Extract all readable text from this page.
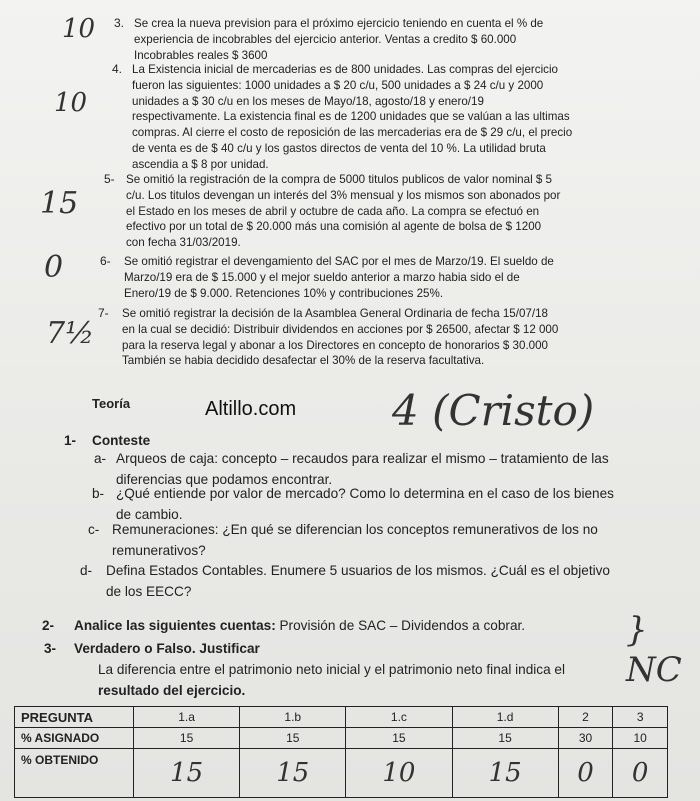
10 3. Se crea la nueva prevision para el próximo ejercicio teniendo en cuenta el % de
experiencia de incobrables del ejercicio anterior. Ventas a credito $ 60.000
Incobrables reales $ 3600
10
4. La Existencia inicial de mercaderias es de 800 unidades. Las compras del ejercicio
fueron las siguientes: 1000 unidades a $ 20 c/u, 500 unidades a $ 24 c/u y 2000
unidades a $ 30 c/u en los meses de Mayo/18, agosto/18 y enero/19
respectivamente. La existencia final es de 1200 unidades que se valúan a las ultimas
compras. Al cierre el costo de reposición de las mercaderias era de $ 29 c/u, el precio
de venta es de $ 40 c/u y los gastos directos de venta del 10 %. La utilidad bruta
ascendia a $ 8 por unidad.
15
5- Se omitió la registración de la compra de 5000 titulos publicos de valor nominal $ 5
c/u. Los titulos devengan un interés del 3% mensual y los mismos son abonados por
el Estado en los meses de abril y octubre de cada año. La compra se efectuó en
efectivo por un total de $ 20.000 más una comisión al agente de bolsa de $ 1200
con fecha 31/03/2019.
0	6- Se omitió registrar el devengamiento del SAC por el mes de Marzo/19. El sueldo de
Marzo/19 era de $ 15.000 y el mejor sueldo anterior a marzo habia sido el de
Enero/19 de $ 9.000. Retenciones 10% y contribuciones 25%.
7½
7- Se omitió registrar la decisión de la Asamblea General Ordinaria de fecha 15/07/18
en la cual se decidió: Distribuir dividendos en acciones por $ 26500, afectar $ 12 000
para la reserva legal y abonar a los Directores en concepto de honorarios $ 30.000
También se habia decidido desafectar el 30% de la reserva facultativa.
Teoría	Altillo.com 4 (Cristo)
1- Conteste
a- Arqueos de caja: concepto – recaudos para realizar el mismo – tratamiento de las
diferencias que podamos encontrar.
b- ¿Qué entiende por valor de mercado? Como lo determina en el caso de los bienes
de cambio.
c- Remuneraciones: ¿En qué se diferencian los conceptos remunerativos de los no
remunerativos?
d- Defina Estados Contables. Enumere 5 usuarios de los mismos. ¿Cuál es el objetivo
de los EECC?
2- Analice las siguientes cuentas: Provisión de SAC – Dividendos a cobrar.
3- Verdadero o Falso. Justificar
La diferencia entre el patrimonio neto inicial y el patrimonio neto final indica el
resultado del ejercicio.
} NC
PREGUNTA	1.a	1.b	1.c	1.d	2	3
% ASIGNADO	15	15	15	15	30	10
% OBTENIDO	15	15	10	15	0	0
